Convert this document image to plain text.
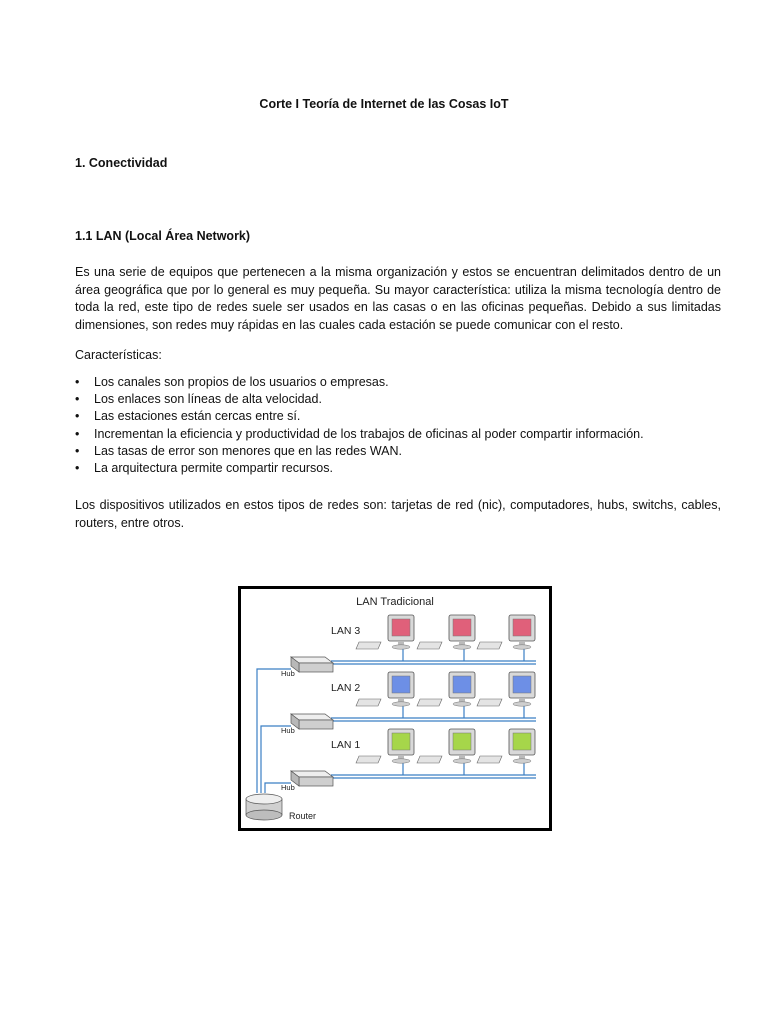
Corte I Teoría de Internet de las Cosas IoT
1. Conectividad
1.1 LAN (Local Área Network)

Es una serie de equipos que pertenecen a la misma organización y estos se encuentran delimitados dentro de un área geográfica que por lo general es muy pequeña. Su mayor característica: utiliza la misma tecnología dentro de toda la red, este tipo de redes suele ser usados en las casas o en las oficinas pequeñas. Debido a sus limitadas dimensiones, son redes muy rápidas en las cuales cada estación se puede comunicar con el resto.

Características:
• Los canales son propios de los usuarios o empresas.
• Los enlaces son líneas de alta velocidad.
• Las estaciones están cercas entre sí.
• Incrementan la eficiencia y productividad de los trabajos de oficinas al poder compartir información.
• Las tasas de error son menores que en las redes WAN.
• La arquitectura permite compartir recursos.

Los dispositivos utilizados en estos tipos de redes son: tarjetas de red (nic), computadores, hubs, switchs, cables, routers, entre otros.

LAN Tradicional
LAN 3
Hub
LAN 2
Hub
LAN 1
Hub
Router
